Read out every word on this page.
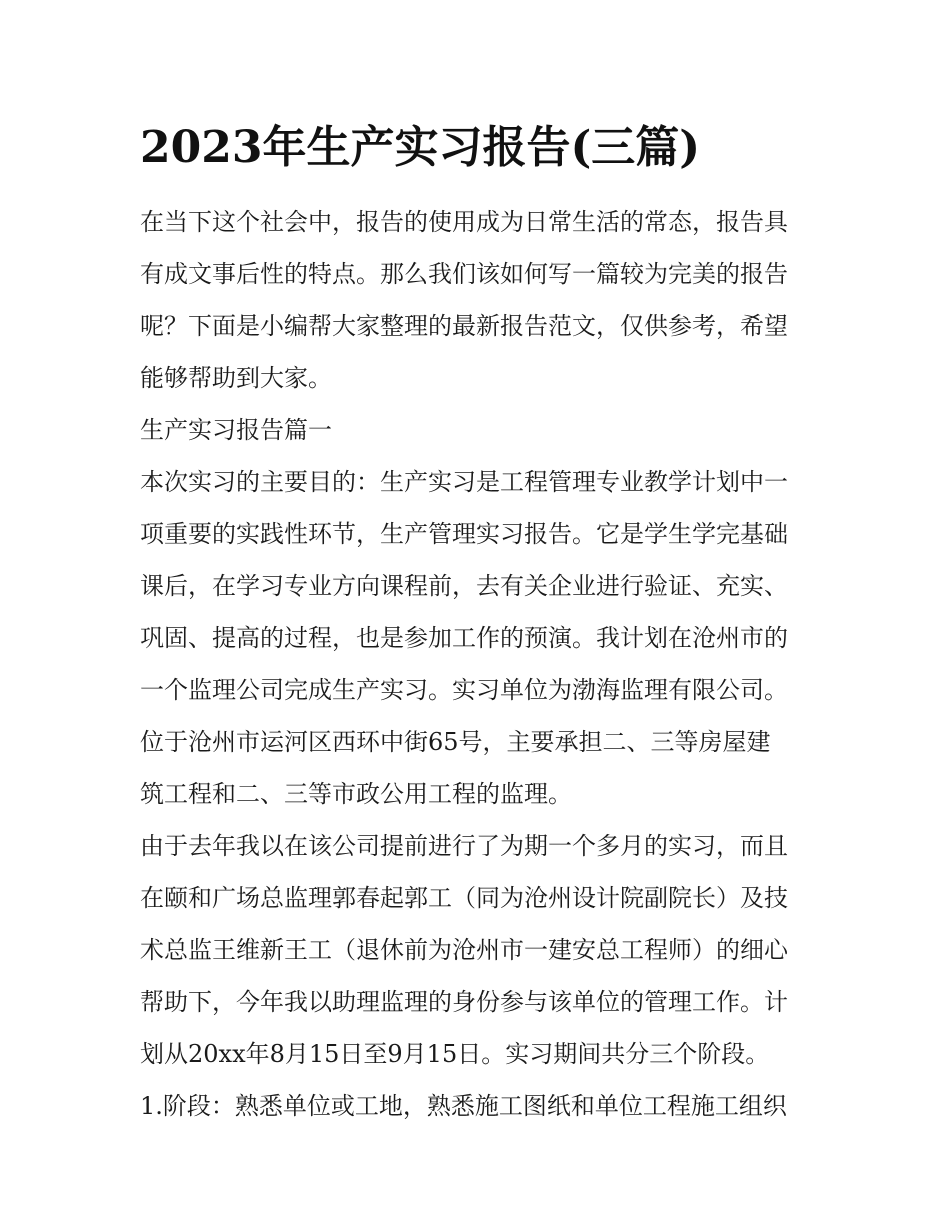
2023年生产实习报告(三篇)
在当下这个社会中，报告的使用成为日常生活的常态，报告具
有成文事后性的特点。那么我们该如何写一篇较为完美的报告
呢？下面是小编帮大家整理的最新报告范文，仅供参考，希望
能够帮助到大家。
生产实习报告篇一
本次实习的主要目的：生产实习是工程管理专业教学计划中一
项重要的实践性环节，生产管理实习报告。它是学生学完基础
课后，在学习专业方向课程前，去有关企业进行验证、充实、
巩固、提高的过程，也是参加工作的预演。我计划在沧州市的
一个监理公司完成生产实习。实习单位为渤海监理有限公司。
位于沧州市运河区西环中街65号，主要承担二、三等房屋建
筑工程和二、三等市政公用工程的监理。
由于去年我以在该公司提前进行了为期一个多月的实习，而且
在颐和广场总监理郭春起郭工（同为沧州设计院副院长）及技
术总监王维新王工（退休前为沧州市一建安总工程师）的细心
帮助下，今年我以助理监理的身份参与该单位的管理工作。计
划从20xx年8月15日至9月15日。实习期间共分三个阶段。
1.阶段：熟悉单位或工地，熟悉施工图纸和单位工程施工组织
